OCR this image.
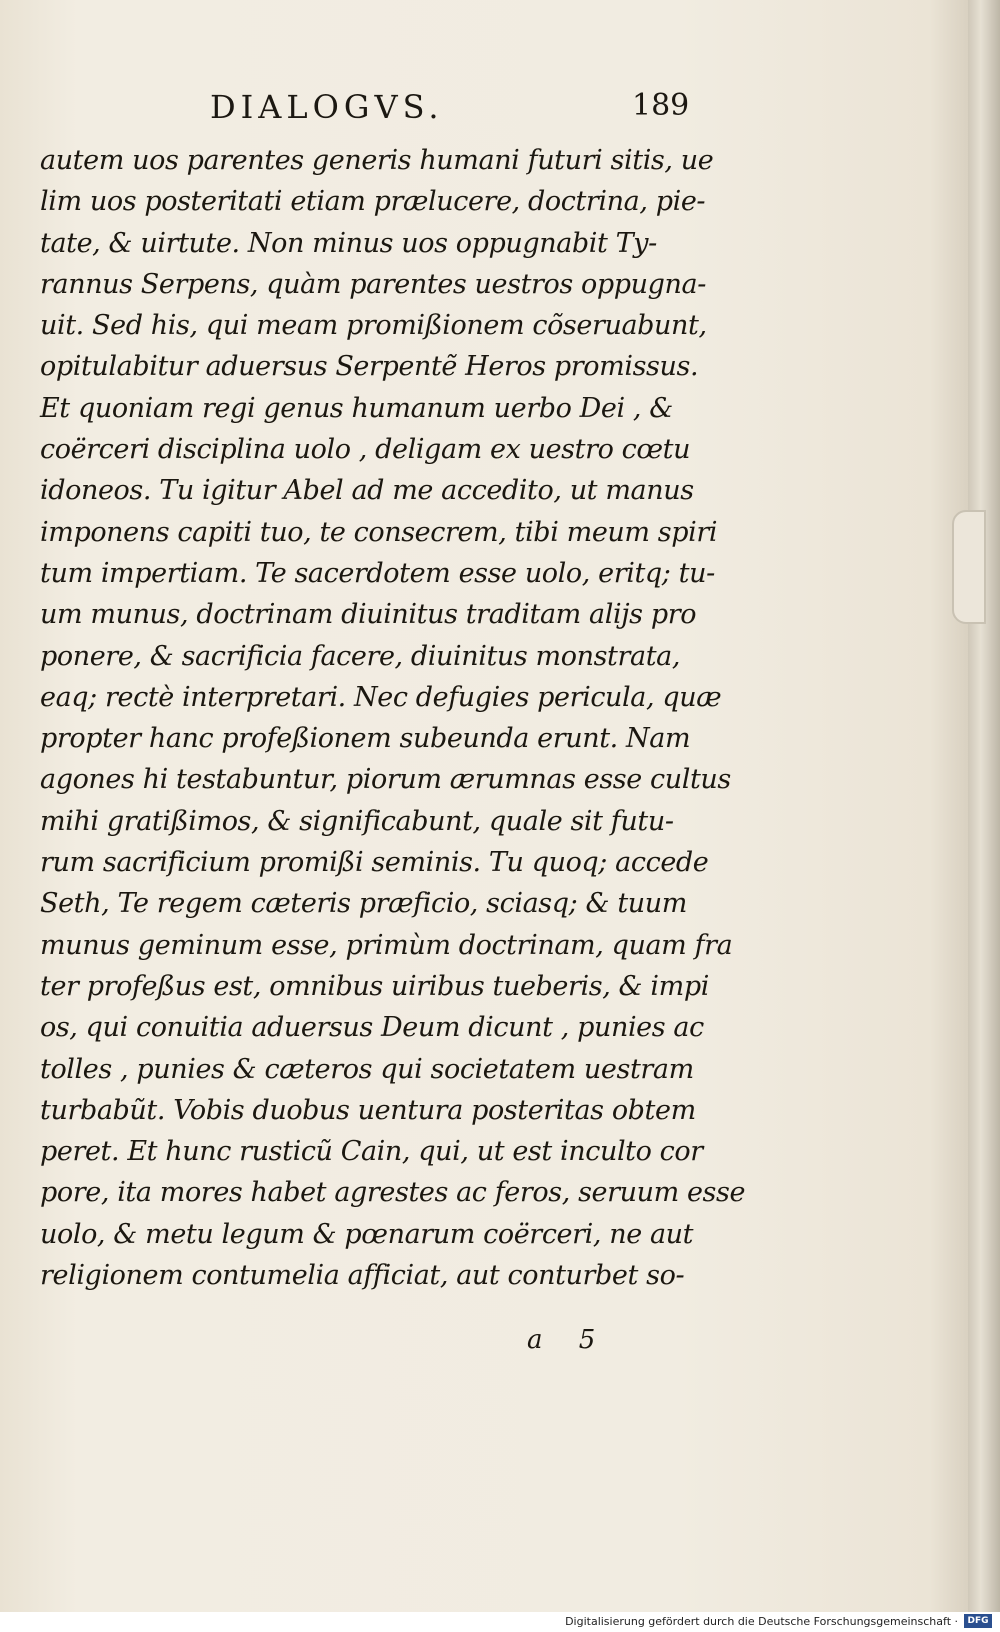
DIALOGVS.	189
autem uos parentes generis humani futuri sitis, ue
lim uos posteritati etiam prælucere, doctrina, pie-
tate, & uirtute. Non minus uos oppugnabit Ty-
rannus Serpens, quàm parentes uestros oppugna-
uit. Sed his, qui meam promißionem cõseruabunt,
opitulabitur aduersus Serpentẽ Heros promissus.
Et quoniam regi genus humanum uerbo Dei , &
coërceri disciplina uolo , deligam ex uestro cœtu
idoneos. Tu igitur Abel ad me accedito, ut manus
imponens capiti tuo, te consecrem, tibi meum spiri
tum impertiam. Te sacerdotem esse uolo, eritq; tu-
um munus, doctrinam diuinitus traditam alijs pro
ponere, & sacrificia facere, diuinitus monstrata,
eaq; rectè interpretari. Nec defugies pericula, quæ
propter hanc profeßionem subeunda erunt. Nam
agones hi testabuntur, piorum ærumnas esse cultus
mihi gratißimos, & significabunt, quale sit futu-
rum sacrificium promißi seminis. Tu quoq; accede
Seth, Te regem cæteris præficio, sciasq; & tuum
munus geminum esse, primùm doctrinam, quam fra
ter profeßus est, omnibus uiribus tueberis, & impi
os, qui conuitia aduersus Deum dicunt , punies ac
tolles , punies & cæteros qui societatem uestram
turbabũt. Vobis duobus uentura posteritas obtem
peret. Et hunc rusticũ Cain, qui, ut est inculto cor
pore, ita mores habet agrestes ac feros, seruum esse
uolo, & metu legum & pœnarum coërceri, ne aut
religionem contumelia afficiat, aut conturbet so-
a 5
Digitalisierung gefördert durch die Deutsche Forschungsgemeinschaft ·	DFG
